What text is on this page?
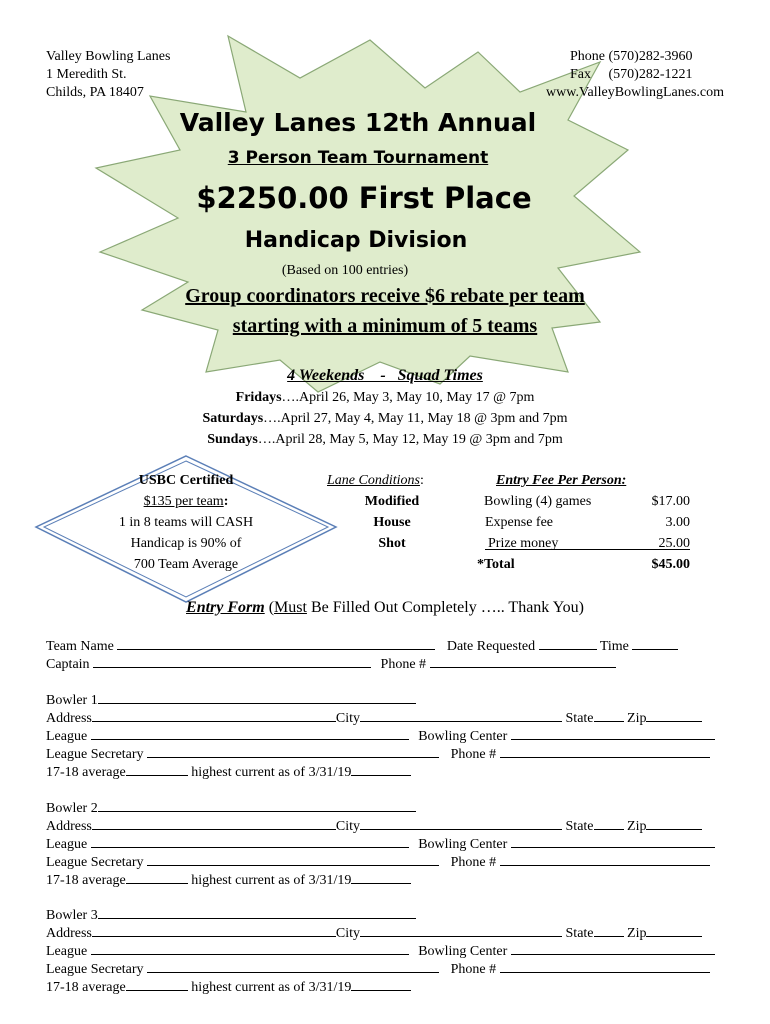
Valley Bowling Lanes
1 Meredith St.
Childs, PA 18407
Phone (570)282-3960
Fax     (570)282-1221
www.ValleyBowlingLanes.com
Valley Lanes 12th Annual
3 Person Team Tournament
$2250.00 First Place
Handicap Division
(Based on 100 entries)
Group coordinators receive $6 rebate per team
starting with a minimum of 5 teams
4 Weekends    -   Squad Times
Fridays….April 26, May 3, May 10, May 17 @ 7pm
Saturdays….April 27, May 4, May 11, May 18 @ 3pm and 7pm
Sundays….April 28, May 5, May 12, May 19 @ 3pm and 7pm
USBC Certified
$135 per team:
1 in 8 teams will CASH
Handicap is 90% of
700 Team Average
Lane Conditions:
Modified
House
Shot
Entry Fee Per Person:
Bowling (4) games	$17.00
Expense fee	3.00
Prize money	25.00
*Total	$45.00
Entry Form (Must Be Filled Out Completely ….. Thank You)
Team Name	Date Requested	Time
Captain	Phone #
Bowler 1
Address	City	State Zip
League	Bowling Center
League Secretary	Phone #
17-18 average	highest current as of 3/31/19
Bowler 2
Address	City	State Zip
League	Bowling Center
League Secretary	Phone #
17-18 average	highest current as of 3/31/19
Bowler 3
Address	City	State Zip
League	Bowling Center
League Secretary	Phone #
17-18 average	highest current as of 3/31/19
